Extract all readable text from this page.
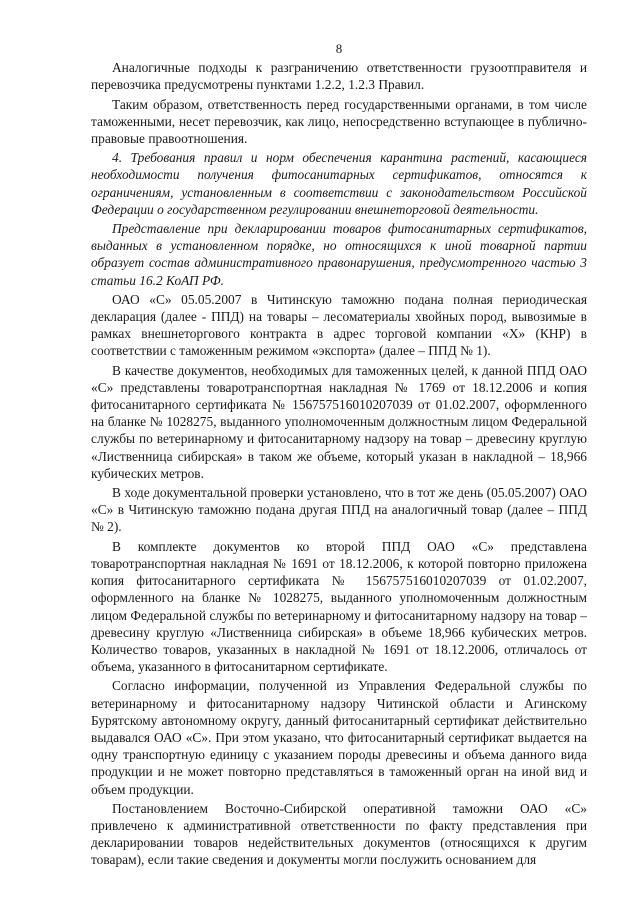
8

Аналогичные подходы к разграничению ответственности грузоотправителя и перевозчика предусмотрены пунктами 1.2.2, 1.2.3 Правил.

Таким образом, ответственность перед государственными органами, в том числе таможенными, несет перевозчик, как лицо, непосредственно вступающее в публично-правовые правоотношения.

4. Требования правил и норм обеспечения карантина растений, касающиеся необходимости получения фитосанитарных сертификатов, относятся к ограничениям, установленным в соответствии с законодательством Российской Федерации о государственном регулировании внешнеторговой деятельности.

Представление при декларировании товаров фитосанитарных сертификатов, выданных в установленном порядке, но относящихся к иной товарной партии образует состав административного правонарушения, предусмотренного частью 3 статьи 16.2 КоАП РФ.

ОАО «С» 05.05.2007 в Читинскую таможню подана полная периодическая декларация (далее - ППД) на товары – лесоматериалы хвойных пород, вывозимые в рамках внешнеторгового контракта в адрес торговой компании «Х» (КНР) в соответствии с таможенным режимом «экспорта» (далее – ППД № 1).

В качестве документов, необходимых для таможенных целей, к данной ППД ОАО «С» представлены товаротранспортная накладная № 1769 от 18.12.2006 и копия фитосанитарного сертификата № 156757516010207039 от 01.02.2007, оформленного на бланке № 1028275, выданного уполномоченным должностным лицом Федеральной службы по ветеринарному и фитосанитарному надзору на товар – древесину круглую «Лиственница сибирская» в таком же объеме, который указан в накладной – 18,966 кубических метров.

В ходе документальной проверки установлено, что в тот же день (05.05.2007) ОАО «С» в Читинскую таможню подана другая ППД на аналогичный товар (далее – ППД № 2).

В комплекте документов ко второй ППД ОАО «С» представлена товаротранспортная накладная № 1691 от 18.12.2006, к которой повторно приложена копия фитосанитарного сертификата № 156757516010207039 от 01.02.2007, оформленного на бланке № 1028275, выданного уполномоченным должностным лицом Федеральной службы по ветеринарному и фитосанитарному надзору на товар – древесину круглую «Лиственница сибирская» в объеме 18,966 кубических метров. Количество товаров, указанных в накладной № 1691 от 18.12.2006, отличалось от объема, указанного в фитосанитарном сертификате.

Согласно информации, полученной из Управления Федеральной службы по ветеринарному и фитосанитарному надзору Читинской области и Агинскому Бурятскому автономному округу, данный фитосанитарный сертификат действительно выдавался ОАО «С». При этом указано, что фитосанитарный сертификат выдается на одну транспортную единицу с указанием породы древесины и объема данного вида продукции и не может повторно представляться в таможенный орган на иной вид и объем продукции.

Постановлением Восточно-Сибирской оперативной таможни ОАО «С» привлечено к административной ответственности по факту представления при декларировании товаров недействительных документов (относящихся к другим товарам), если такие сведения и документы могли послужить основанием для
